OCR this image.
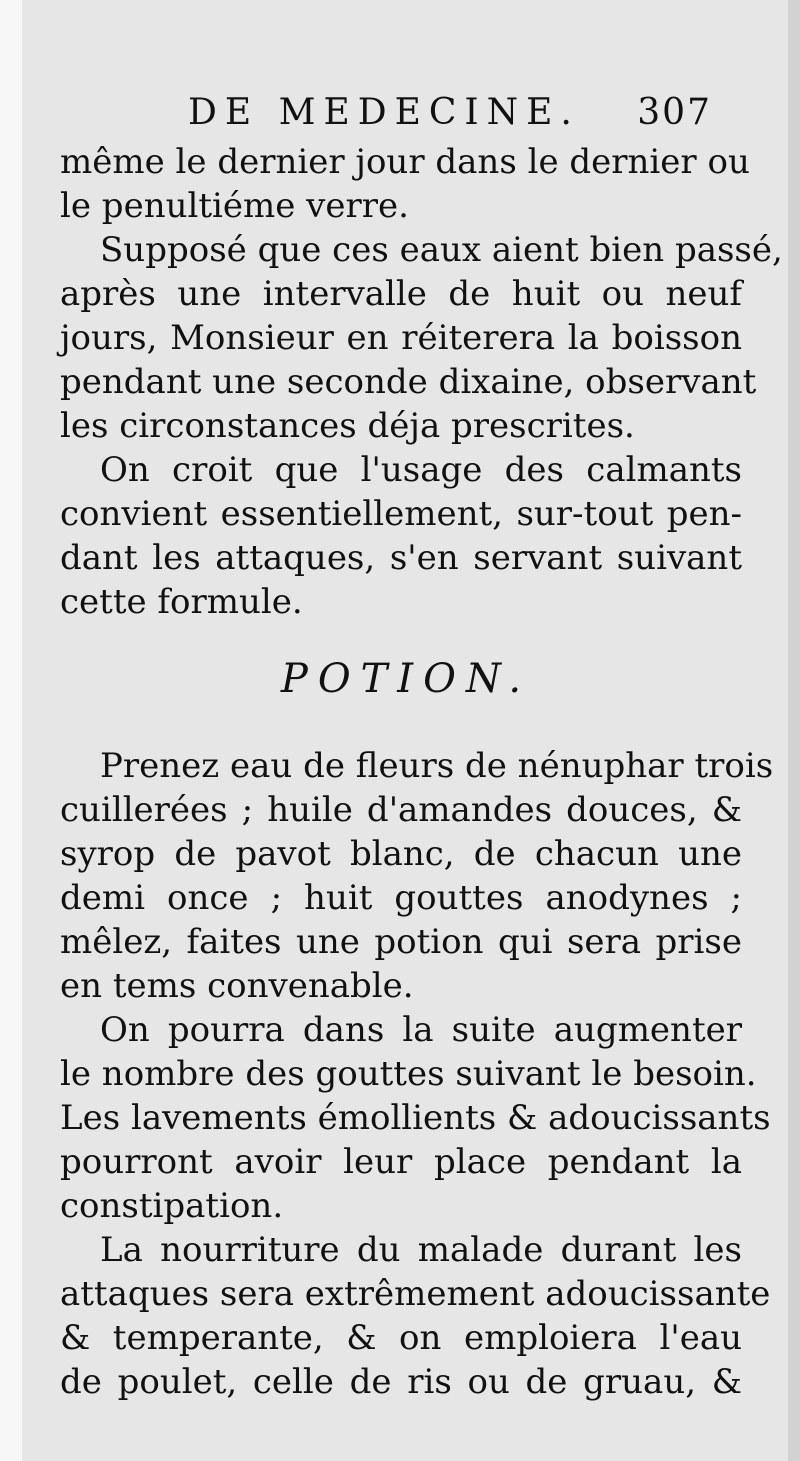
DE MEDECINE. 307
même le dernier jour dans le dernier ou
le penultiéme verre.
Supposé que ces eaux aient bien passé,
après une intervalle de huit ou neuf
jours, Monsieur en réiterera la boisson
pendant une seconde dixaine, observant
les circonstances déja prescrites.
On croit que l'usage des calmants
convient essentiellement, sur-tout pen-
dant les attaques, s'en servant suivant
cette formule.
POTION.
Prenez eau de fleurs de nénuphar trois
cuillerées ; huile d'amandes douces, &
syrop de pavot blanc, de chacun une
demi once ; huit gouttes anodynes ;
mêlez, faites une potion qui sera prise
en tems convenable.
On pourra dans la suite augmenter
le nombre des gouttes suivant le besoin.
Les lavements émollients & adoucissants
pourront avoir leur place pendant la
constipation.
La nourriture du malade durant les
attaques sera extrêmement adoucissante
& temperante, & on emploiera l'eau
de poulet, celle de ris ou de gruau, &
